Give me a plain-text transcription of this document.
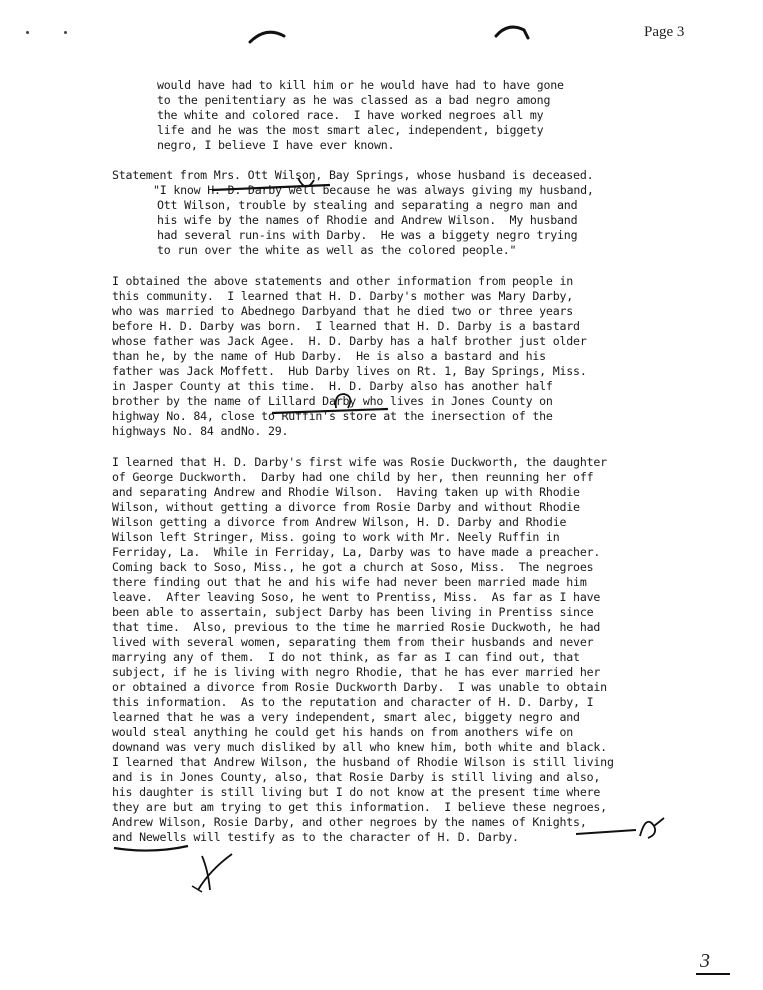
Page 3
would have had to kill him or he would have had to have gone
to the penitentiary as he was classed as a bad negro among
the white and colored race.  I have worked negroes all my
life and he was the most smart alec, independent, biggety
negro, I believe I have ever known.
Statement from Mrs. Ott Wilson, Bay Springs, whose husband is deceased.
"I know H. D. Darby well because he was always giving my husband,
Ott Wilson, trouble by stealing and separating a negro man and
his wife by the names of Rhodie and Andrew Wilson.  My husband
had several run-ins with Darby.  He was a biggety negro trying
to run over the white as well as the colored people."
I obtained the above statements and other information from people in
this community.  I learned that H. D. Darby's mother was Mary Darby,
who was married to Abednego Darbyand that he died two or three years
before H. D. Darby was born.  I learned that H. D. Darby is a bastard
whose father was Jack Agee.  H. D. Darby has a half brother just older
than he, by the name of Hub Darby.  He is also a bastard and his
father was Jack Moffett.  Hub Darby lives on Rt. 1, Bay Springs, Miss.
in Jasper County at this time.  H. D. Darby also has another half
brother by the name of Lillard Darby who lives in Jones County on
highway No. 84, close to Ruffin's store at the inersection of the
highways No. 84 andNo. 29.
I learned that H. D. Darby's first wife was Rosie Duckworth, the daughter
of George Duckworth.  Darby had one child by her, then reunning her off
and separating Andrew and Rhodie Wilson.  Having taken up with Rhodie
Wilson, without getting a divorce from Rosie Darby and without Rhodie
Wilson getting a divorce from Andrew Wilson, H. D. Darby and Rhodie
Wilson left Stringer, Miss. going to work with Mr. Neely Ruffin in
Ferriday, La.  While in Ferriday, La, Darby was to have made a preacher.
Coming back to Soso, Miss., he got a church at Soso, Miss.  The negroes
there finding out that he and his wife had never been married made him
leave.  After leaving Soso, he went to Prentiss, Miss.  As far as I have
been able to assertain, subject Darby has been living in Prentiss since
that time.  Also, previous to the time he married Rosie Duckwoth, he had
lived with several women, separating them from their husbands and never
marrying any of them.  I do not think, as far as I can find out, that
subject, if he is living with negro Rhodie, that he has ever married her
or obtained a divorce from Rosie Duckworth Darby.  I was unable to obtain
this information.  As to the reputation and character of H. D. Darby, I
learned that he was a very independent, smart alec, biggety negro and
would steal anything he could get his hands on from anothers wife on
downand was very much disliked by all who knew him, both white and black.
I learned that Andrew Wilson, the husband of Rhodie Wilson is still living
and is in Jones County, also, that Rosie Darby is still living and also,
his daughter is still living but I do not know at the present time where
they are but am trying to get this information.  I believe these negroes,
Andrew Wilson, Rosie Darby, and other negroes by the names of Knights,
and Newells will testify as to the character of H. D. Darby.
3
